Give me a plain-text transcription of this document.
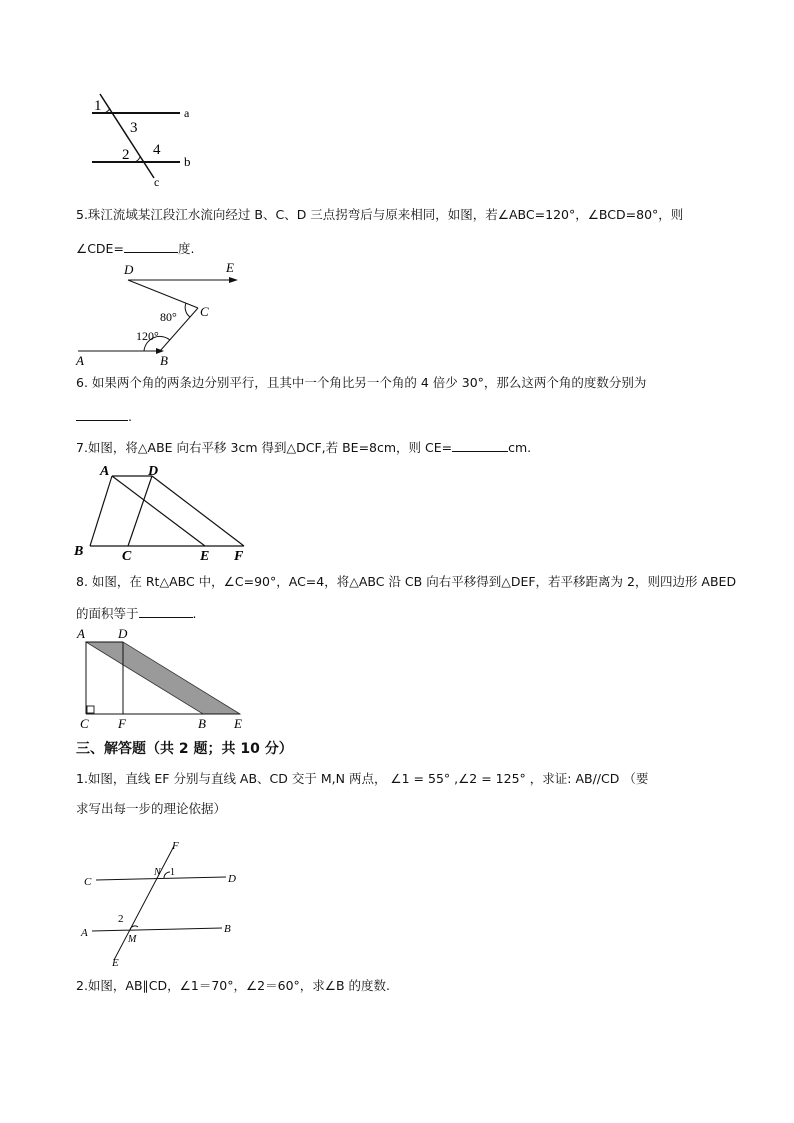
1
3
2 4
a
b
c
5.珠江流域某江段江水流向经过 B、C、D 三点拐弯后与原来相同，如图，若∠ABC=120°，∠BCD=80°，则
∠CDE=	度.
D	E
C
80°
120°
A	B
6. 如果两个角的两条边分别平行，且其中一个角比另一个角的 4 倍少 30°，那么这两个角的度数分别为
.
7.如图，将△ABE 向右平移 3cm 得到△DCF,若 BE=8cm，则 CE=	cm.
A	D
B	C	E F
8. 如图，在 Rt△ABC 中，∠C=90°，AC=4，将△ABC 沿 CB 向右平移得到△DEF，若平移距离为 2，则四边形 ABED
的面积等于	.
A	D
C F	B E
三、解答题（共 2 题；共 10 分）
1.如图，直线 EF 分别与直线 AB、CD 交于 M,N 两点， ∠1 = 55° ,∠2 = 125° ，求证: AB//CD （要
求写出每一步的理论依据）
F
C
N 1
D
2
A
M
B
E
2.如图，AB∥CD，∠1＝70°，∠2＝60°，求∠B 的度数.
